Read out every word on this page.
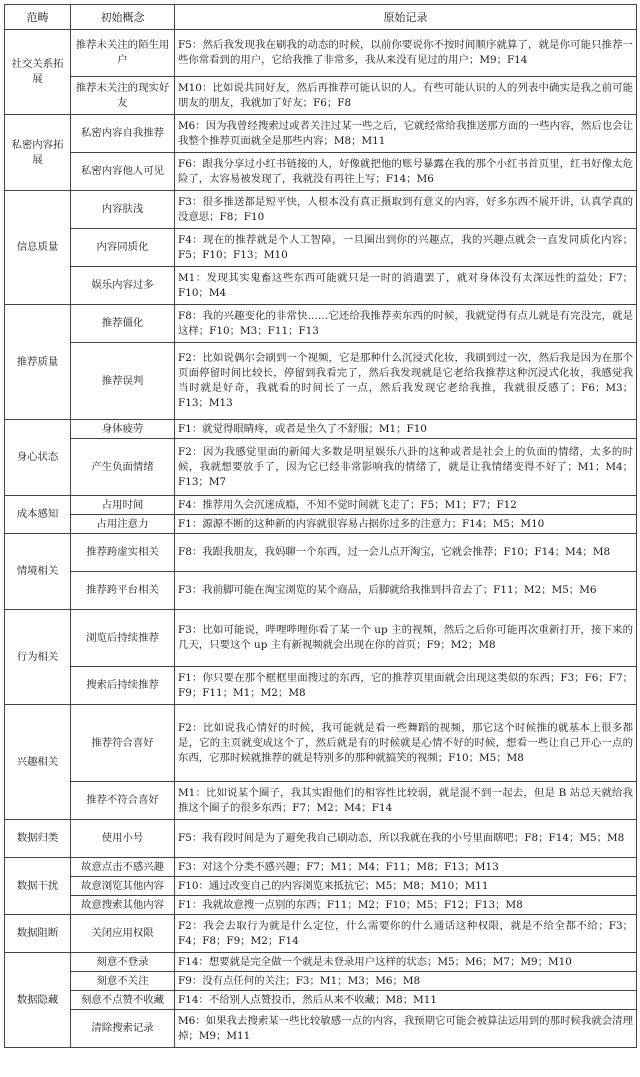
范畴	初始概念	原始记录
社交关系拓展	推荐未关注的陌生用户	F5：然后我发现我在刷我的动态的时候，以前你要说你不按时间顺序就算了，就是你可能只推荐一些你常看到的用户，它给我推了非常多，我从来没有见过的用户；M9；F14
	推荐未关注的现实好友	M10：比如说共同好友，然后再推荐可能认识的人。有些可能认识的人的列表中确实是我之前可能朋友的朋友，我就加了好友；F6；F8
私密内容拓展	私密内容自我推荐	M6：因为我曾经搜索过或者关注过某一些之后，它就经常给我推送那方面的一些内容，然后也会让我整个推荐页面就全是那些内容；M8；M11
	私密内容他人可见	F6：跟我分享过小红书链接的人，好像就把他的账号暴露在我的那个小红书首页里，红书好像太危险了，太容易被发现了，我就没有再往上写；F14；M6
信息质量	内容肤浅	F3：很多推送都是短平快，人根本没有真正摄取到有意义的内容，好多东西不展开讲，认真学真的没意思；F8；F10
	内容同质化	F4：现在的推荐就是个人工智障，一旦圈出到你的兴趣点，我的兴趣点就会一直发同质化内容；F5；F10；F13；M10
	娱乐内容过多	M1：发现其实鬼畜这些东西可能就只是一时的消遣罢了，就对身体没有太深远性的益处；F7；F10；M4
推荐质量	推荐僵化	F8：我的兴趣变化的非常快……它还给我推荐卖东西的时候，我就觉得有点儿就是有完没完，就是这样；F10；M3；F11；F13
	推荐误判	F2：比如说偶尔会刷到一个视频，它是那种什么沉浸式化妆，我刷到过一次，然后我是因为在那个页面停留时间比较长，停留到我看完了，然后我发现就是它老给我推荐这种沉浸式化妆，我感觉我当时就是好奇，我就看的时间长了一点，然后我发现它老给我推，我就很反感了；F6；M3；F13；M13
身心状态	身体疲劳	F1：就觉得眼睛疼，或者是坐久了不舒服；M1；F10
	产生负面情绪	F2：因为我感觉里面的新闻大多数是明星娱乐八卦的这种或者是社会上的负面的情绪，太多的时候，我就想要放手了，因为它已经非常影响我的情绪了，就是让我情绪变得不好了；M1；M4；F13；M7
成本感知	占用时间	F4：推荐用久会沉迷成瘾，不知不觉时间就飞走了；F5；M1；F7；F12
	占用注意力	F1：源源不断的这种新的内容就很容易占据你过多的注意力；F14；M5；M10
情境相关	推荐跨虚实相关	F8：我跟我朋友，我妈聊一个东西，过一会儿点开淘宝，它就会推荐；F10；F14；M4；M8
	推荐跨平台相关	F3：我前脚可能在淘宝浏览的某个商品，后脚就给我推到抖音去了；F11；M2；M5；M6
行为相关	浏览后持续推荐	F3：比如可能说，哔哩哔哩你看了某一个 up 主的视频，然后之后你可能再次重新打开，接下来的几天，只要这个 up 主有新视频就会出现在你的首页；F9；M2；M8
	搜索后持续推荐	F1：你只要在那个框框里面搜过的东西，它的推荐页里面就会出现这类似的东西；F3；F6；F7；F9；F11；M1；M2；M8
兴趣相关	推荐符合喜好	F2：比如说我心情好的时候，我可能就是看一些舞蹈的视频，那它这个时候推的就基本上很多都是，它的主页就变成这个了，然后就是有的时候就是心情不好的时候，想看一些让自己开心一点的东西，它那时候就推荐的就是特别多的那种就搞笑的视频；F10；M5；M8
	推荐不符合喜好	M1：比如说某个圈子，我其实跟他们的相容性比较弱，就是混不到一起去，但是 B 站总天就给我推这个圈子的很多东西；F7；M2；M4；F14
数据归类	使用小号	F5：我有段时间是为了避免我自己刷动态，所以我就在我的小号里面瞎吧；F8；F14；M5；M8
数据干扰	故意点击不感兴趣	F3：对这个分类不感兴趣；F7；M1；M4；F11；M8；F13；M13
	故意浏览其他内容	F10：通过改变自己的内容浏览来抵抗它；M5；M8；M10；M11
	故意搜索其他内容	F1：我就故意搜一点别的东西；F11；M2；F10；M5；F12；F13；M8
数据阻断	关闭应用权限	F2：我会去取行为就是什么定位，什么需要你的什么通话这种权限，就是不给全都不给；F3；F4；F8；F9；M2；F14
数据隐藏	刻意不登录	F14：想要就是完全做一个就是未登录用户这样的状态；M5；M6；M7；M9；M10
	刻意不关注	F9：没有点任何的关注；F3；M1；M3；M6；M8
	刻意不点赞不收藏	F14：不给别人点赞投币，然后从来不收藏；M8；M11
	清除搜索记录	M6：如果我去搜索某一些比较敏感一点的内容，我预期它可能会被算法运用到的那时候我就会清理掉；M9；M11
